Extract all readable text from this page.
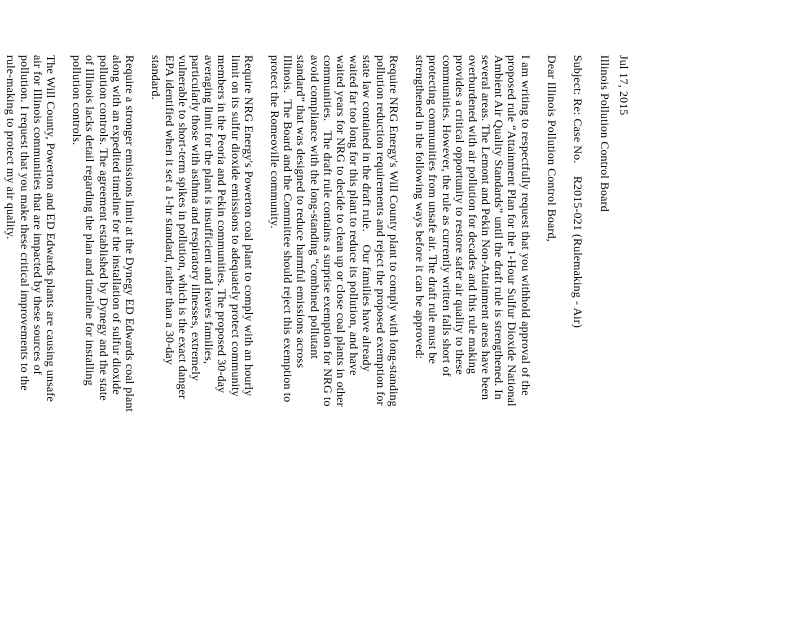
Jul 17, 2015
Illinois Pollution Control Board
Subject: Re: Case No.    R2015-021 (Rulemaking - Air)
Dear Illinois Pollution Control Board,
I am writing to respectfully request that you withhold approval of the
proposed rule “Attainment Plan for the 1-Hour Sulfur Dioxide National
Ambient Air Quality Standards” until the draft rule is strengthened. In
several areas. The Lemont and Pekin Non-Attainment areas have been
overburdened with air pollution for decades and this rule making
provides a critical opportunity to restore safer air quality to these
communities. However, the rule as currently written falls short of
protecting communities from unsafe air. The draft rule must be
strengthened in the following ways before it can be approved:
Require NRG Energy's Will County plant to comply with long-standing
pollution reduction requirements and reject the proposed exemption for
state law contained in the draft rule.    Our families have already
waited far too long for this plant to reduce its pollution, and have
waited years for NRG to decide to clean up or close coal plants in other
communities.   The draft rule contains a surprise exemption for NRG to
avoid compliance with the long-standing “combined pollutant
standard” that was designed to reduce harmful emissions across
Illinois.  The Board and the Committee should reject this exemption to
protect the Romeoville community.
Require NRG Energy's Powerton coal plant to comply with an hourly
limit on its sulfur dioxide emissions to adequately protect community
members in the Peoria and Pekin communities. The proposed 30-day
averaging limit for the plant is insufficient and leaves families,
particularly those with asthma and respiratory illnesses, extremely
vulnerable to short-term spikes in pollution, which is the exact danger
EPA identified when it set a 1-hr standard, rather than a 30-day
standard.
Require a stronger emissions limit at the Dynegy ED Edwards coal plant
along with an expedited timeline for the installation of sulfur dioxide
pollution controls. The agreement established by Dynegy and the state
of Illinois lacks detail regarding the plan and timeline for installing
pollution controls.
The Will County, Powerton and ED Edwards plants are causing unsafe
air for Illinois communities that are impacted by these sources of
pollution. I request that you make these critical improvements to the
rule-making to protect my air quality.
